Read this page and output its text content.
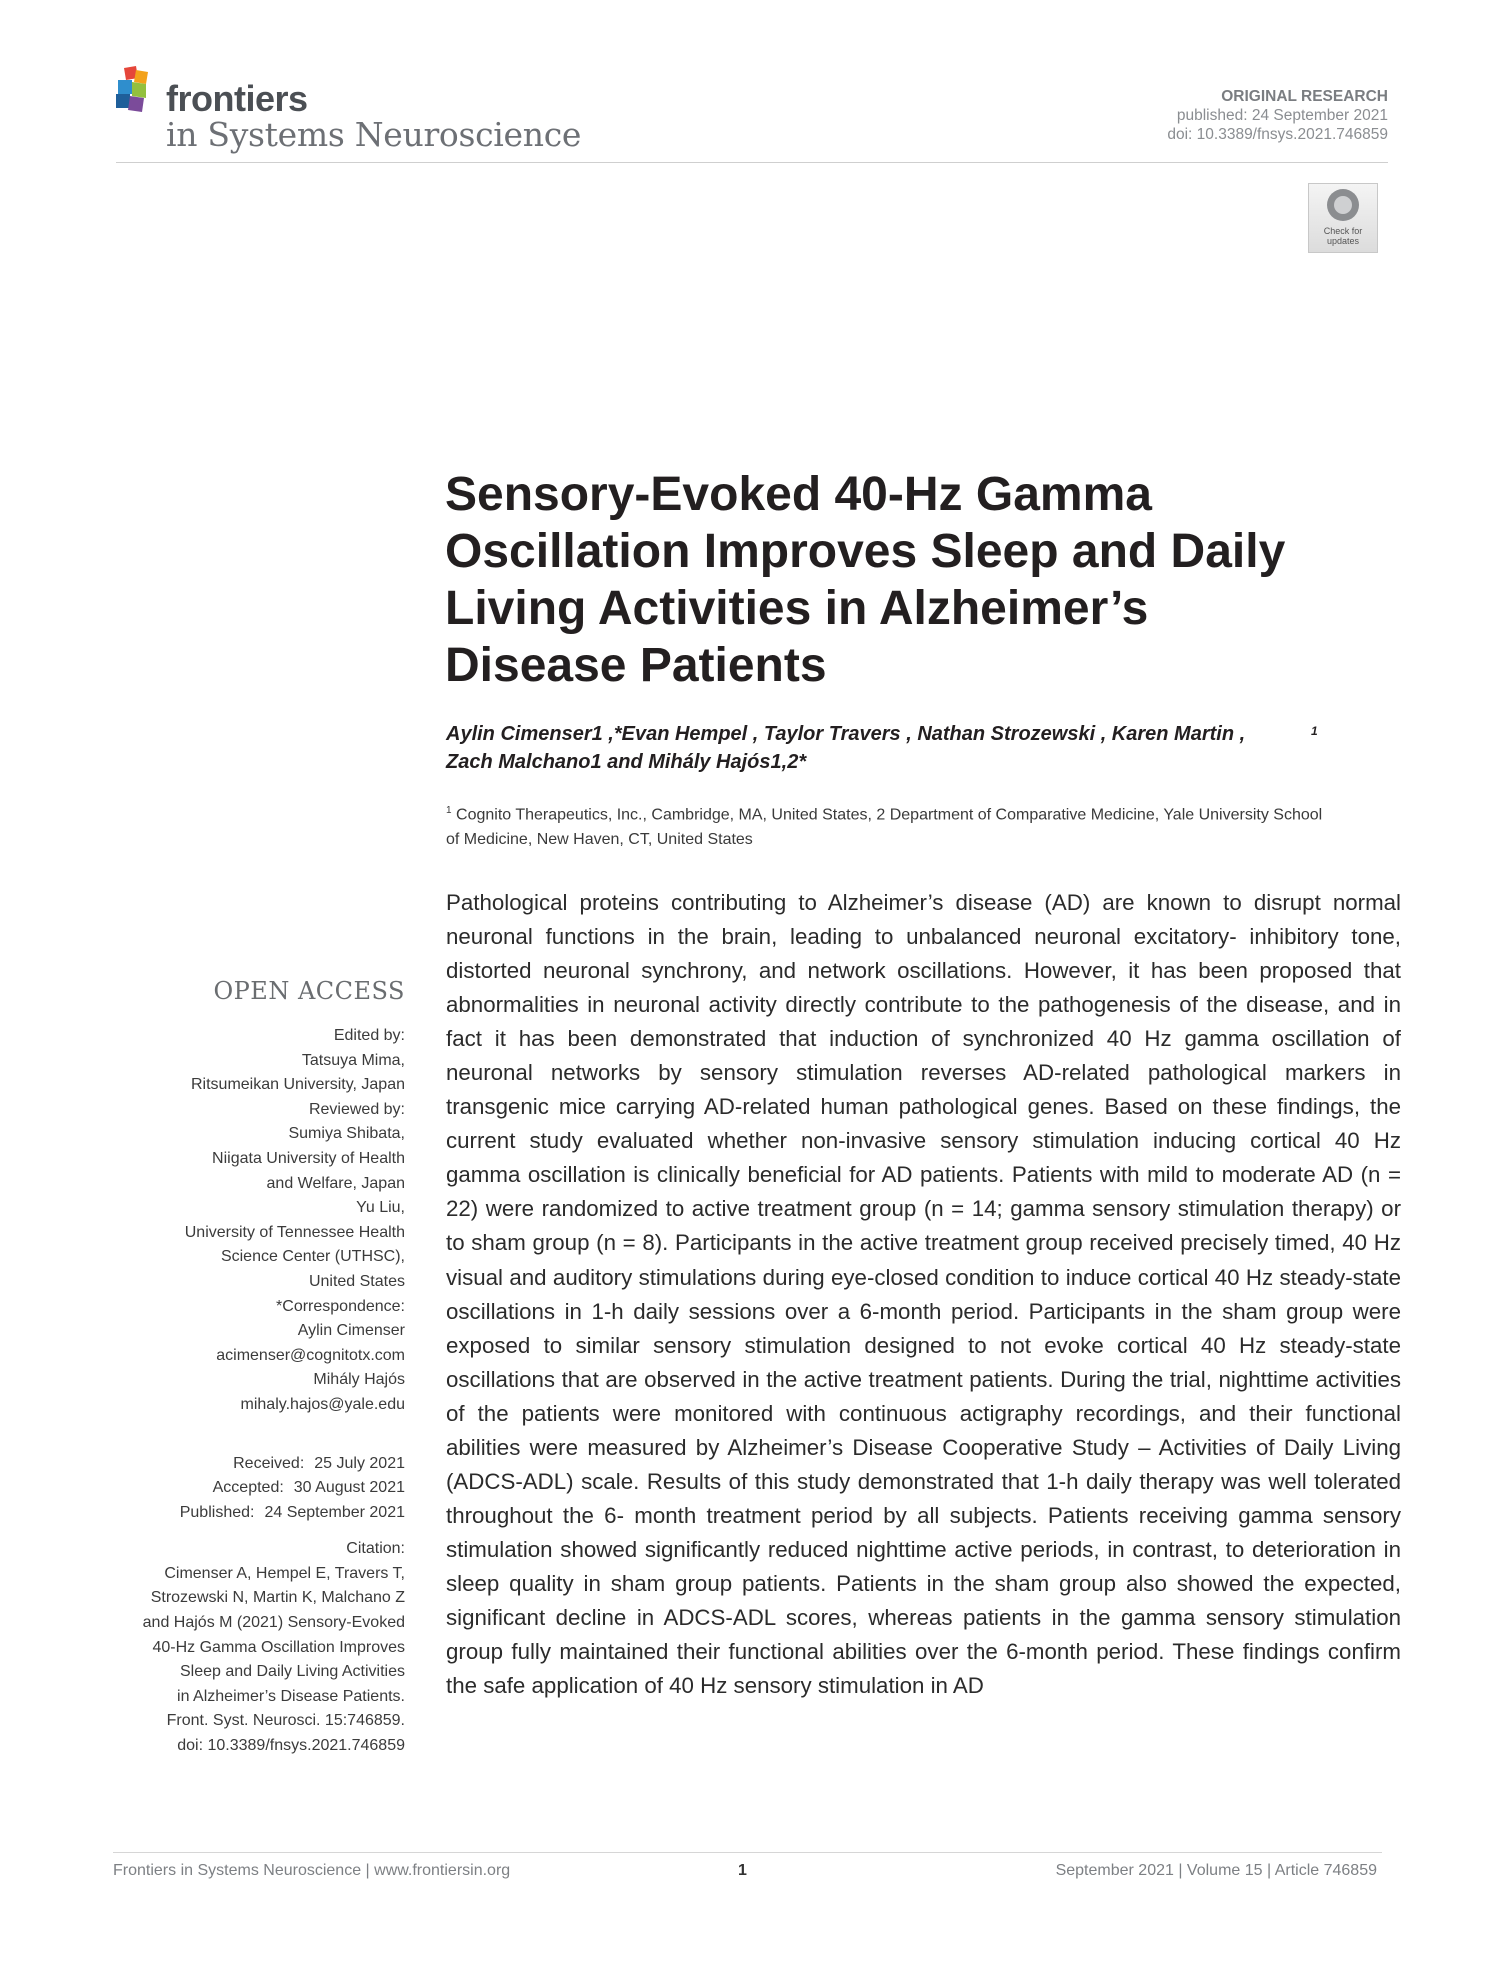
frontiers
in Systems Neuroscience
ORIGINAL RESEARCH
published: 24 September 2021
doi: 10.3389/fnsys.2021.746859
Check for updates
Sensory-Evoked 40-Hz Gamma
Oscillation Improves Sleep and Daily
Living Activities in Alzheimer’s
Disease Patients
Aylin Cimenser1 ,*Evan Hempel , Taylor Travers , Nathan Strozewski , Karen Martin ,
Zach Malchano1 and Mihály Hajós1,2*
1
$^1$ Cognito Therapeutics, Inc., Cambridge, MA, United States, 2 Department of Comparative Medicine, Yale University School
of Medicine, New Haven, CT, United States
OPEN ACCESS
Edited by:
Tatsuya Mima,
Ritsumeikan University, Japan
Reviewed by:
Sumiya Shibata,
Niigata University of Health
and Welfare, Japan
Yu Liu,
University of Tennessee Health
Science Center (UTHSC),
United States
*Correspondence:
Aylin Cimenser
acimenser@cognitotx.com
Mihály Hajós
mihaly.hajos@yale.edu
Received: 25 July 2021
Accepted: 30 August 2021
Published: 24 September 2021
Citation:
Cimenser A, Hempel E, Travers T,
Strozewski N, Martin K, Malchano Z
and Hajós M (2021) Sensory-Evoked
40-Hz Gamma Oscillation Improves
Sleep and Daily Living Activities
in Alzheimer’s Disease Patients.
Front. Syst. Neurosci. 15:746859.
doi: 10.3389/fnsys.2021.746859
Pathological proteins contributing to Alzheimer’s disease (AD) are known to disrupt normal neuronal functions in the brain, leading to unbalanced neuronal excitatory- inhibitory tone, distorted neuronal synchrony, and network oscillations. However, it has been proposed that abnormalities in neuronal activity directly contribute to the pathogenesis of the disease, and in fact it has been demonstrated that induction of synchronized 40 Hz gamma oscillation of neuronal networks by sensory stimulation reverses AD-related pathological markers in transgenic mice carrying AD-related human pathological genes. Based on these findings, the current study evaluated whether non-invasive sensory stimulation inducing cortical 40 Hz gamma oscillation is clinically beneficial for AD patients. Patients with mild to moderate AD (n = 22) were randomized to active treatment group (n = 14; gamma sensory stimulation therapy) or to sham group (n = 8). Participants in the active treatment group received precisely timed, 40 Hz visual and auditory stimulations during eye-closed condition to induce cortical 40 Hz steady-state oscillations in 1-h daily sessions over a 6-month period. Participants in the sham group were exposed to similar sensory stimulation designed to not evoke cortical 40 Hz steady-state oscillations that are observed in the active treatment patients. During the trial, nighttime activities of the patients were monitored with continuous actigraphy recordings, and their functional abilities were measured by Alzheimer’s Disease Cooperative Study – Activities of Daily Living (ADCS-ADL) scale. Results of this study demonstrated that 1-h daily therapy was well tolerated throughout the 6- month treatment period by all subjects. Patients receiving gamma sensory stimulation showed significantly reduced nighttime active periods, in contrast, to deterioration in sleep quality in sham group patients. Patients in the sham group also showed the expected, significant decline in ADCS-ADL scores, whereas patients in the gamma sensory stimulation group fully maintained their functional abilities over the 6-month period. These findings confirm the safe application of 40 Hz sensory stimulation in AD
Frontiers in Systems Neuroscience | www.frontiersin.org	1	September 2021 | Volume 15 | Article 746859
